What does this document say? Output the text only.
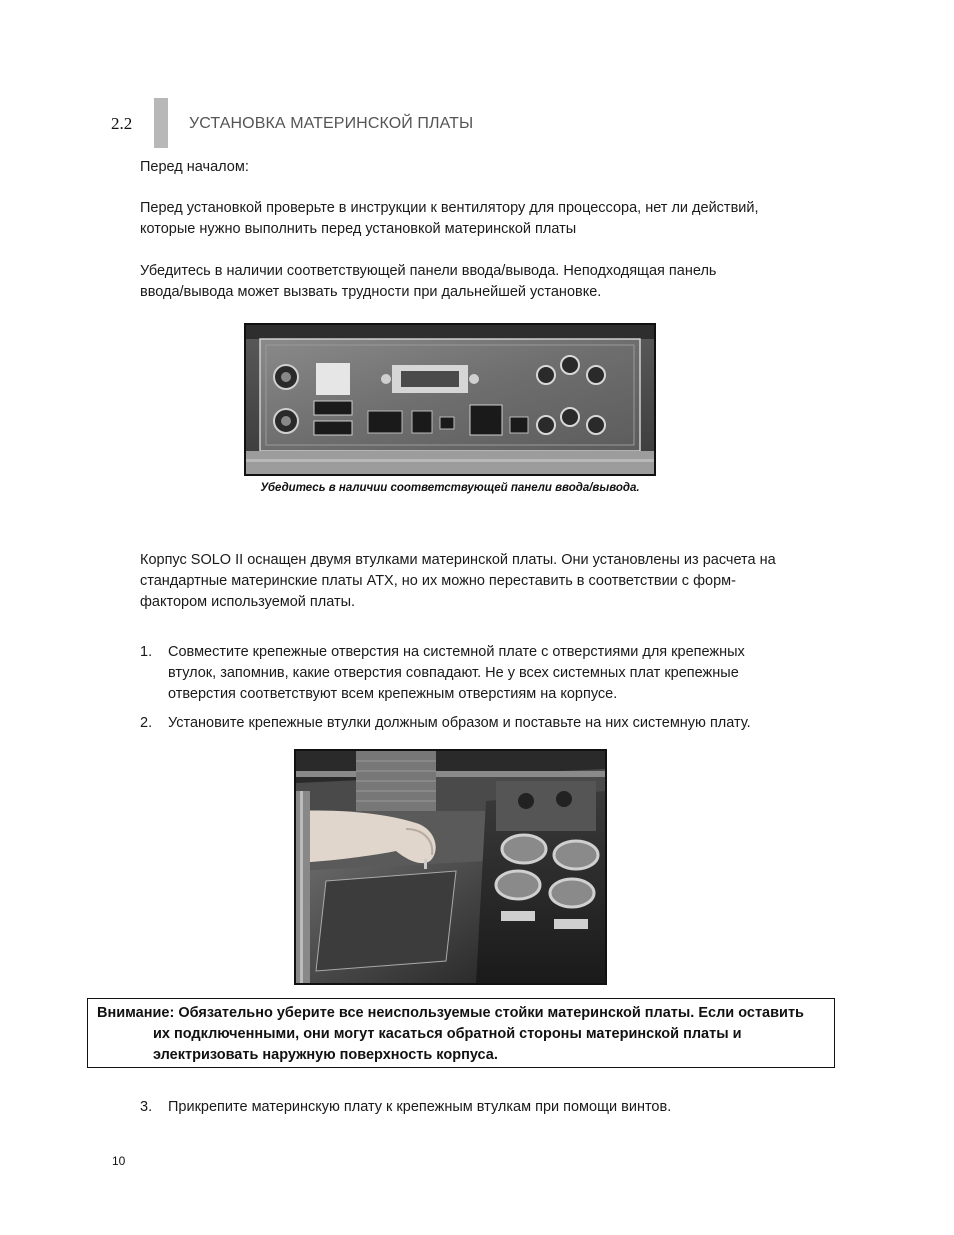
2.2	УСТАНОВКА МАТЕРИНСКОЙ ПЛАТЫ
Перед началом:
Перед установкой проверьте в инструкции к вентилятору для процессора, нет ли действий,
которые нужно выполнить перед установкой материнской платы
Убедитесь в наличии соответствующей панели ввода/вывода. Неподходящая панель
ввода/вывода может вызвать трудности при дальнейшей установке.
Убедитесь в наличии соответствующей панели ввода/вывода.
Корпус SOLO II оснащен двумя втулками материнской платы. Они установлены из расчета на
стандартные материнские платы ATX, но их можно переставить в соответствии с форм-
фактором используемой платы.
1. Совместите крепежные отверстия на системной плате с отверстиями для крепежных
втулок, запомнив, какие отверстия совпадают. Не у всех системных плат крепежные
отверстия соответствуют всем крепежным отверстиям на корпусе.
2. Установите крепежные втулки должным образом и поставьте на них системную плату.
Внимание: Обязательно уберите все неиспользуемые стойки материнской платы. Если оставить
их подключенными, они могут касаться обратной стороны материнской платы и
электризовать наружную поверхность корпуса.
3. Прикрепите материнскую плату к крепежным втулкам при помощи винтов.
10
